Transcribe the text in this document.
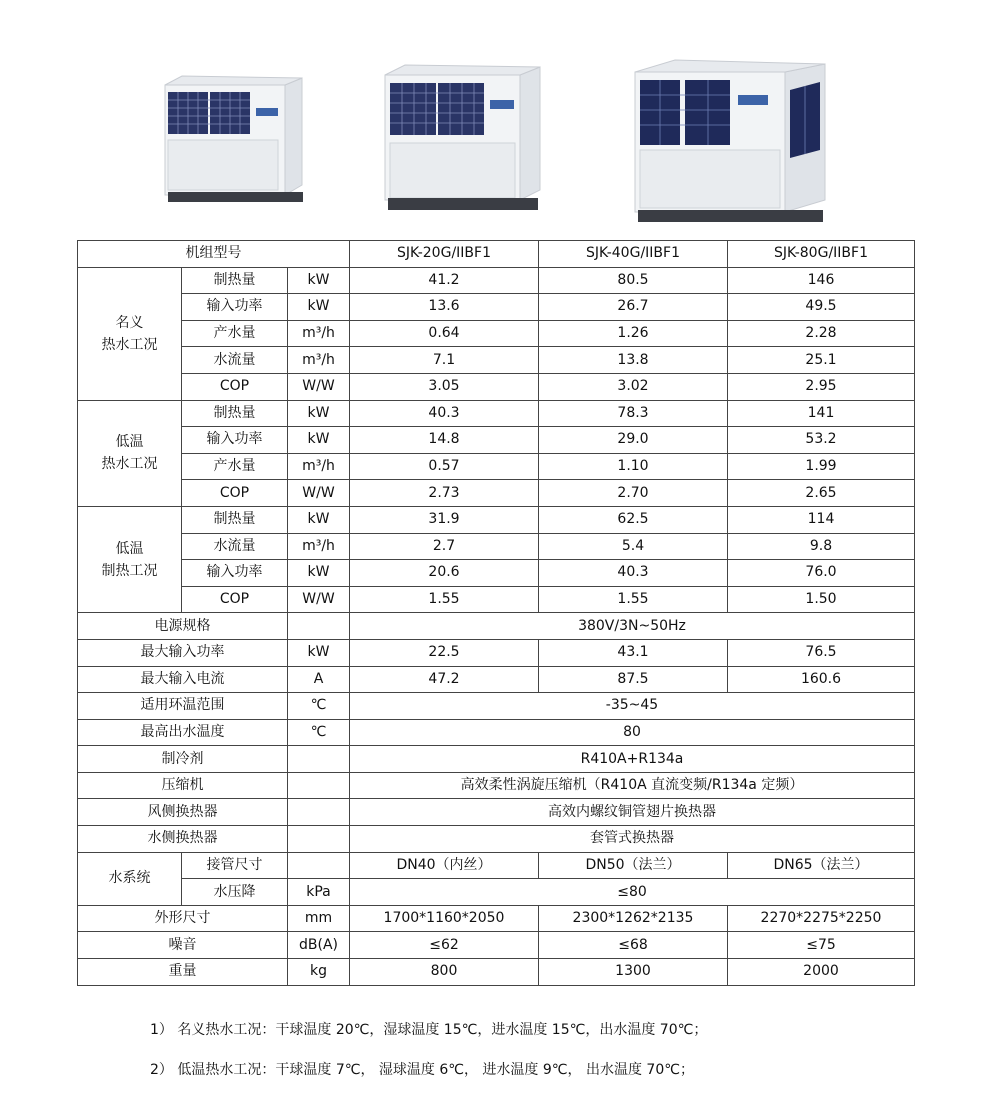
机组型号			SJK-20G/IIBF1	SJK-40G/IIBF1	SJK-80G/IIBF1
名义
热水工况	制热量	kW	41.2	80.5	146
	输入功率	kW	13.6	26.7	49.5
	产水量	m³/h	0.64	1.26	2.28
	水流量	m³/h	7.1	13.8	25.1
	COP	W/W	3.05	3.02	2.95
低温
热水工况	制热量	kW	40.3	78.3	141
	输入功率	kW	14.8	29.0	53.2
	产水量	m³/h	0.57	1.10	1.99
	COP	W/W	2.73	2.70	2.65
低温
制热工况	制热量	kW	31.9	62.5	114
	水流量	m³/h	2.7	5.4	9.8
	输入功率	kW	20.6	40.3	76.0
	COP	W/W	1.55	1.55	1.50
电源规格			380V/3N~50Hz		
最大输入功率		kW	22.5	43.1	76.5
最大输入电流		A	47.2	87.5	160.6
适用环温范围		℃	-35~45		
最高出水温度		℃	80		
制冷剂			R410A+R134a		
压缩机			高效柔性涡旋压缩机（R410A 直流变频/R134a 定频）		
风侧换热器			高效内螺纹铜管翅片换热器		
水侧换热器			套管式换热器		
水系统	接管尺寸		DN40（内丝）	DN50（法兰）	DN65（法兰）
	水压降	kPa	≤80		
外形尺寸		mm	1700*1160*2050	2300*1262*2135	2270*2275*2250
噪音		dB(A)	≤62	≤68	≤75
重量		kg	800	1300	2000
1） 名义热水工况：干球温度 20℃，湿球温度 15℃，进水温度 15℃，出水温度 70℃；
2） 低温热水工况：干球温度 7℃， 湿球温度 6℃， 进水温度 9℃， 出水温度 70℃；
